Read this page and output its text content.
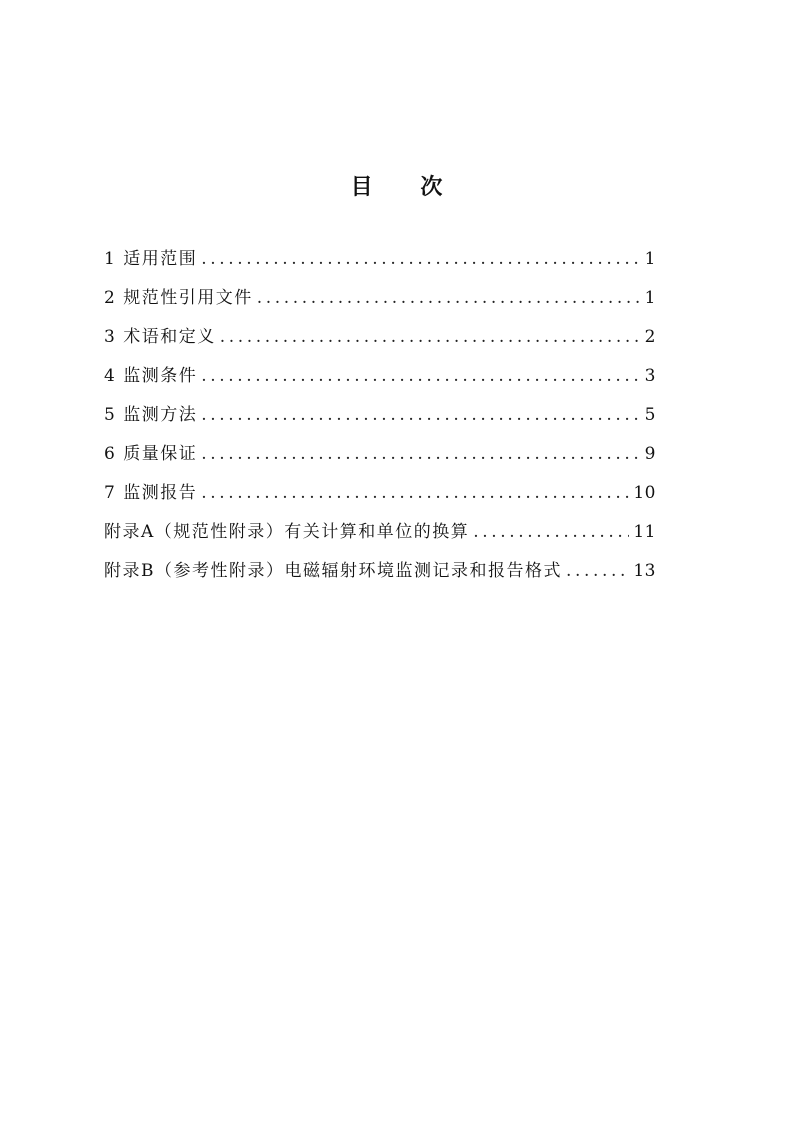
目 次
1 适用范围 .....	1
2 规范性引用文件 .....	1
3 术语和定义 .....	2
4 监测条件 .....	3
5 监测方法 .....	5
6 质量保证 .....	9
7 监测报告 .....	10
附录A（规范性附录）有关计算和单位的换算 .....	11
附录B（参考性附录）电磁辐射环境监测记录和报告格式 .....	13
